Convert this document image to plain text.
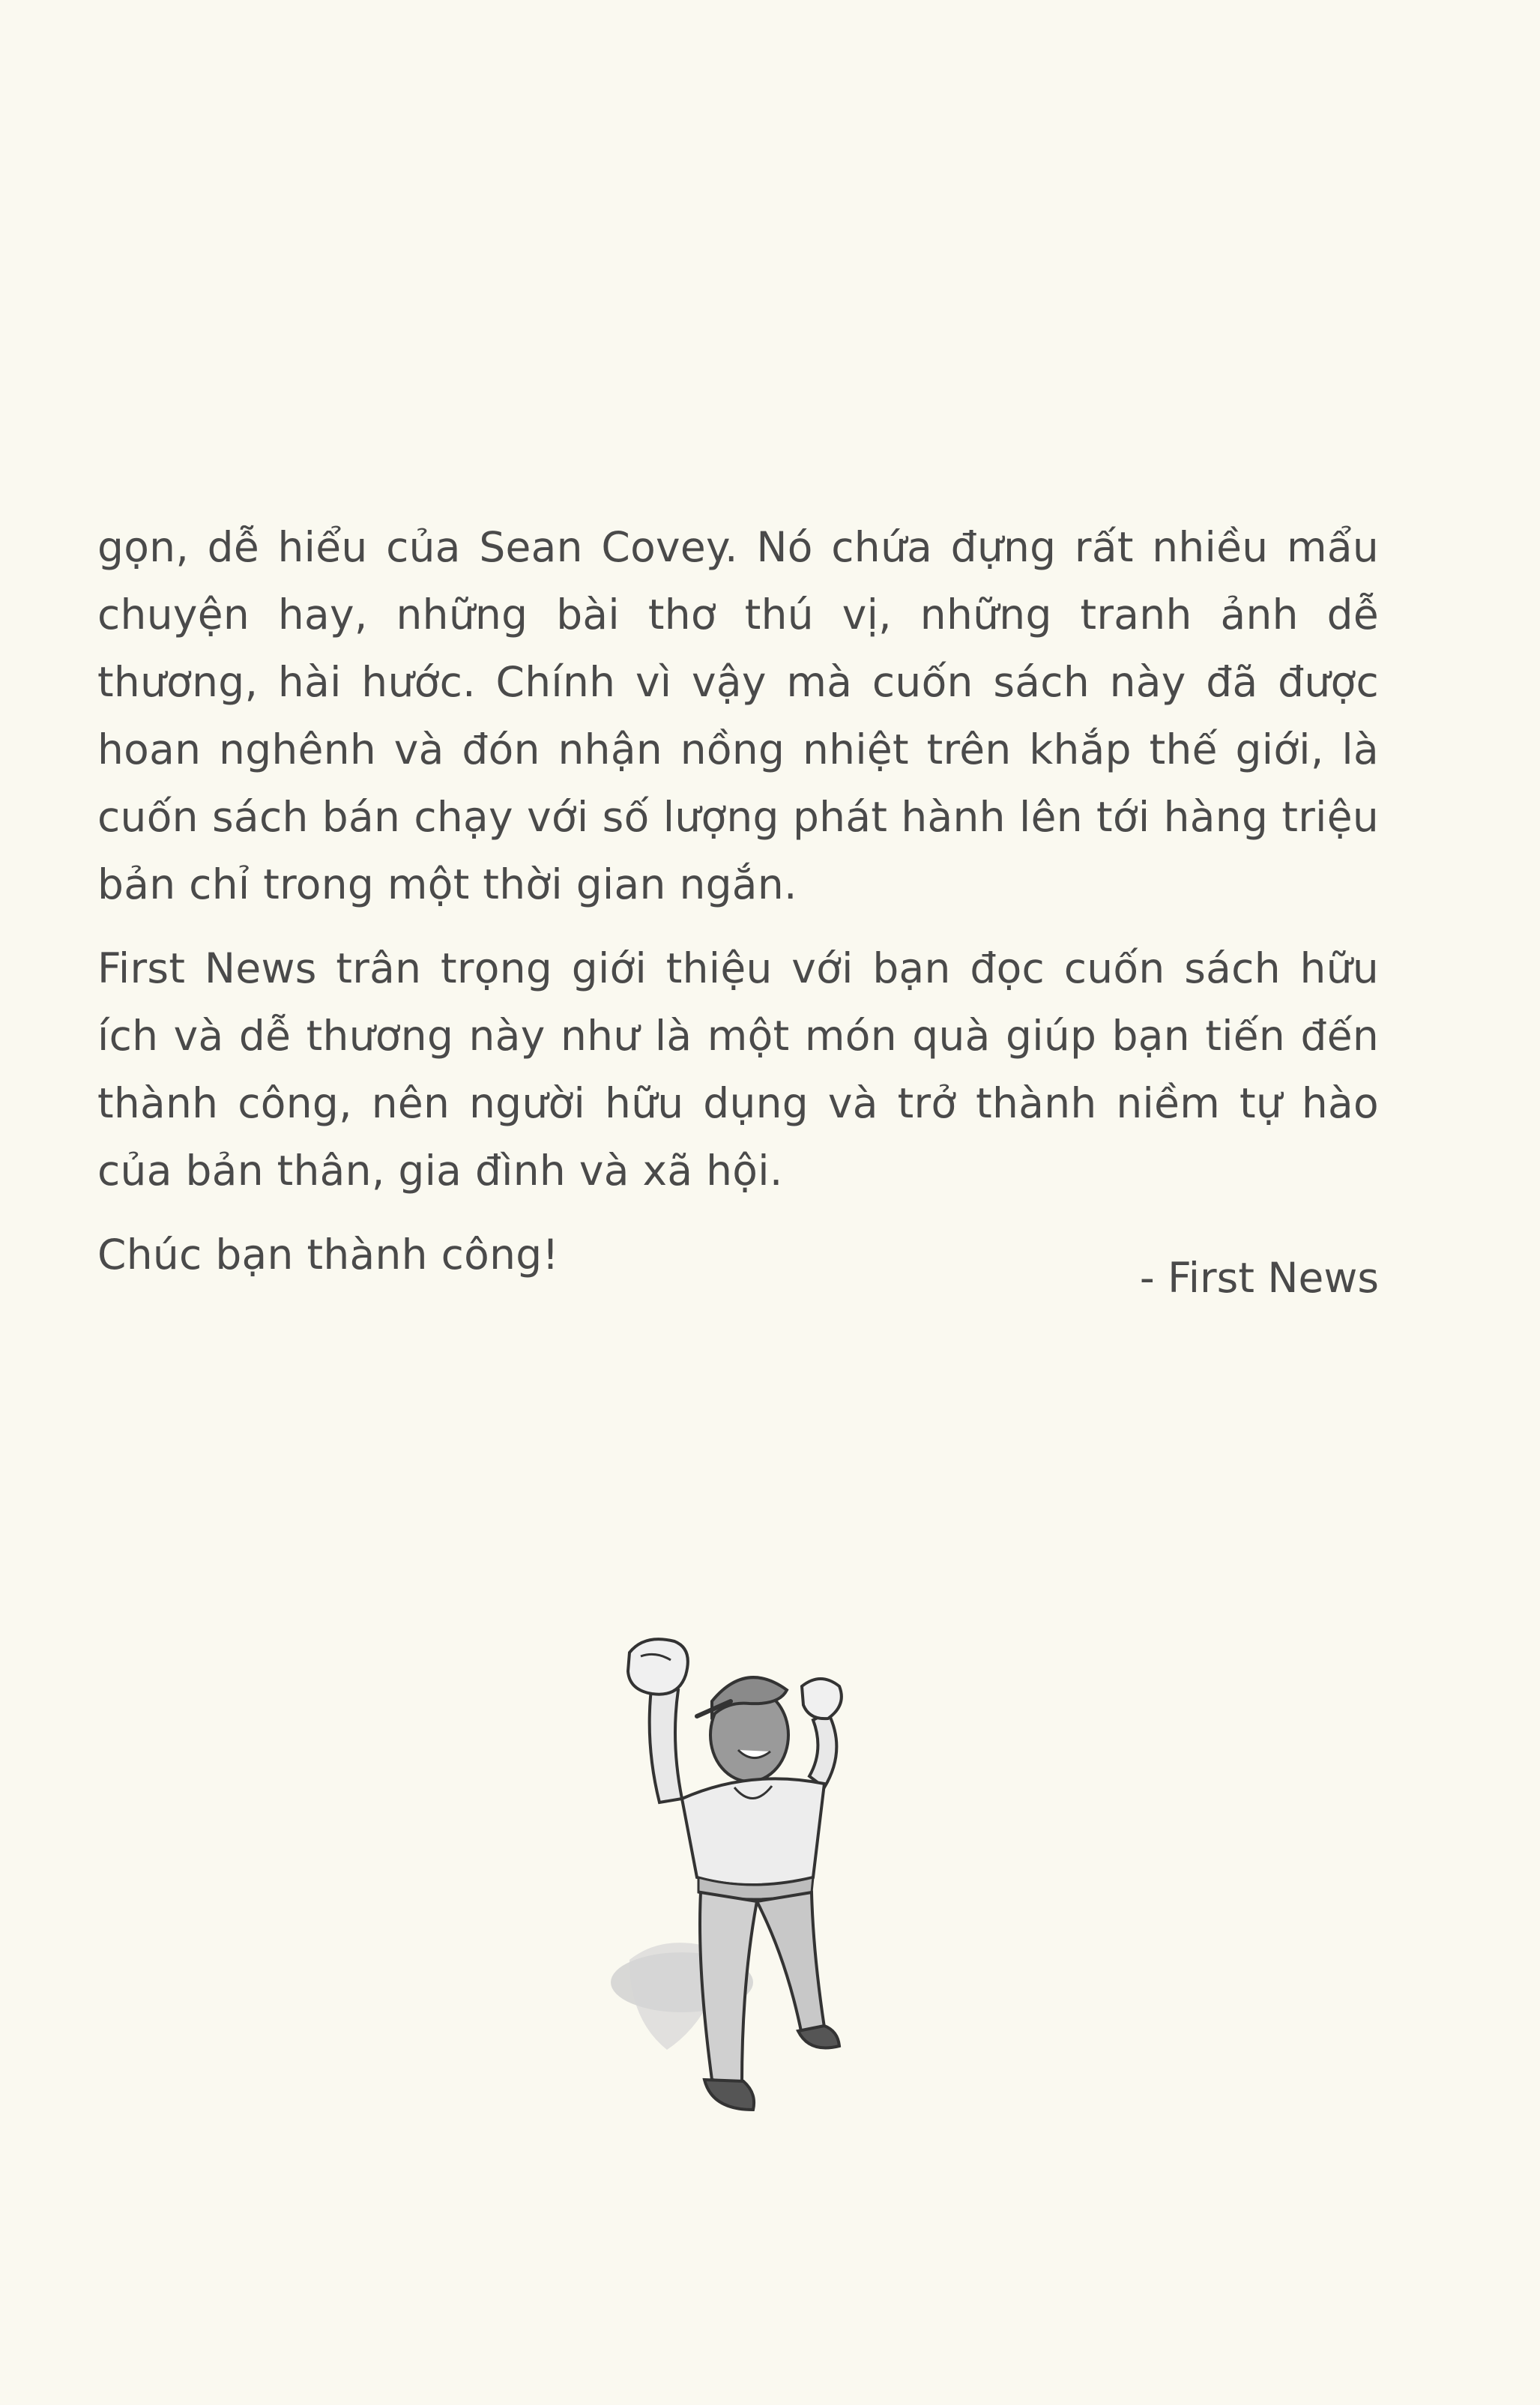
gọn, dễ hiểu của Sean Covey. Nó chứa đựng rất nhiều mẩu chuyện hay, những bài thơ thú vị, những tranh ảnh dễ thương, hài hước. Chính vì vậy mà cuốn sách này đã được hoan nghênh và đón nhận nồng nhiệt trên khắp thế giới, là cuốn sách bán chạy với số lượng phát hành lên tới hàng triệu bản chỉ trong một thời gian ngắn.

First News trân trọng giới thiệu với bạn đọc cuốn sách hữu ích và dễ thương này như là một món quà giúp bạn tiến đến thành công, nên người hữu dụng và trở thành niềm tự hào của bản thân, gia đình và xã hội.

Chúc bạn thành công!	- First News
